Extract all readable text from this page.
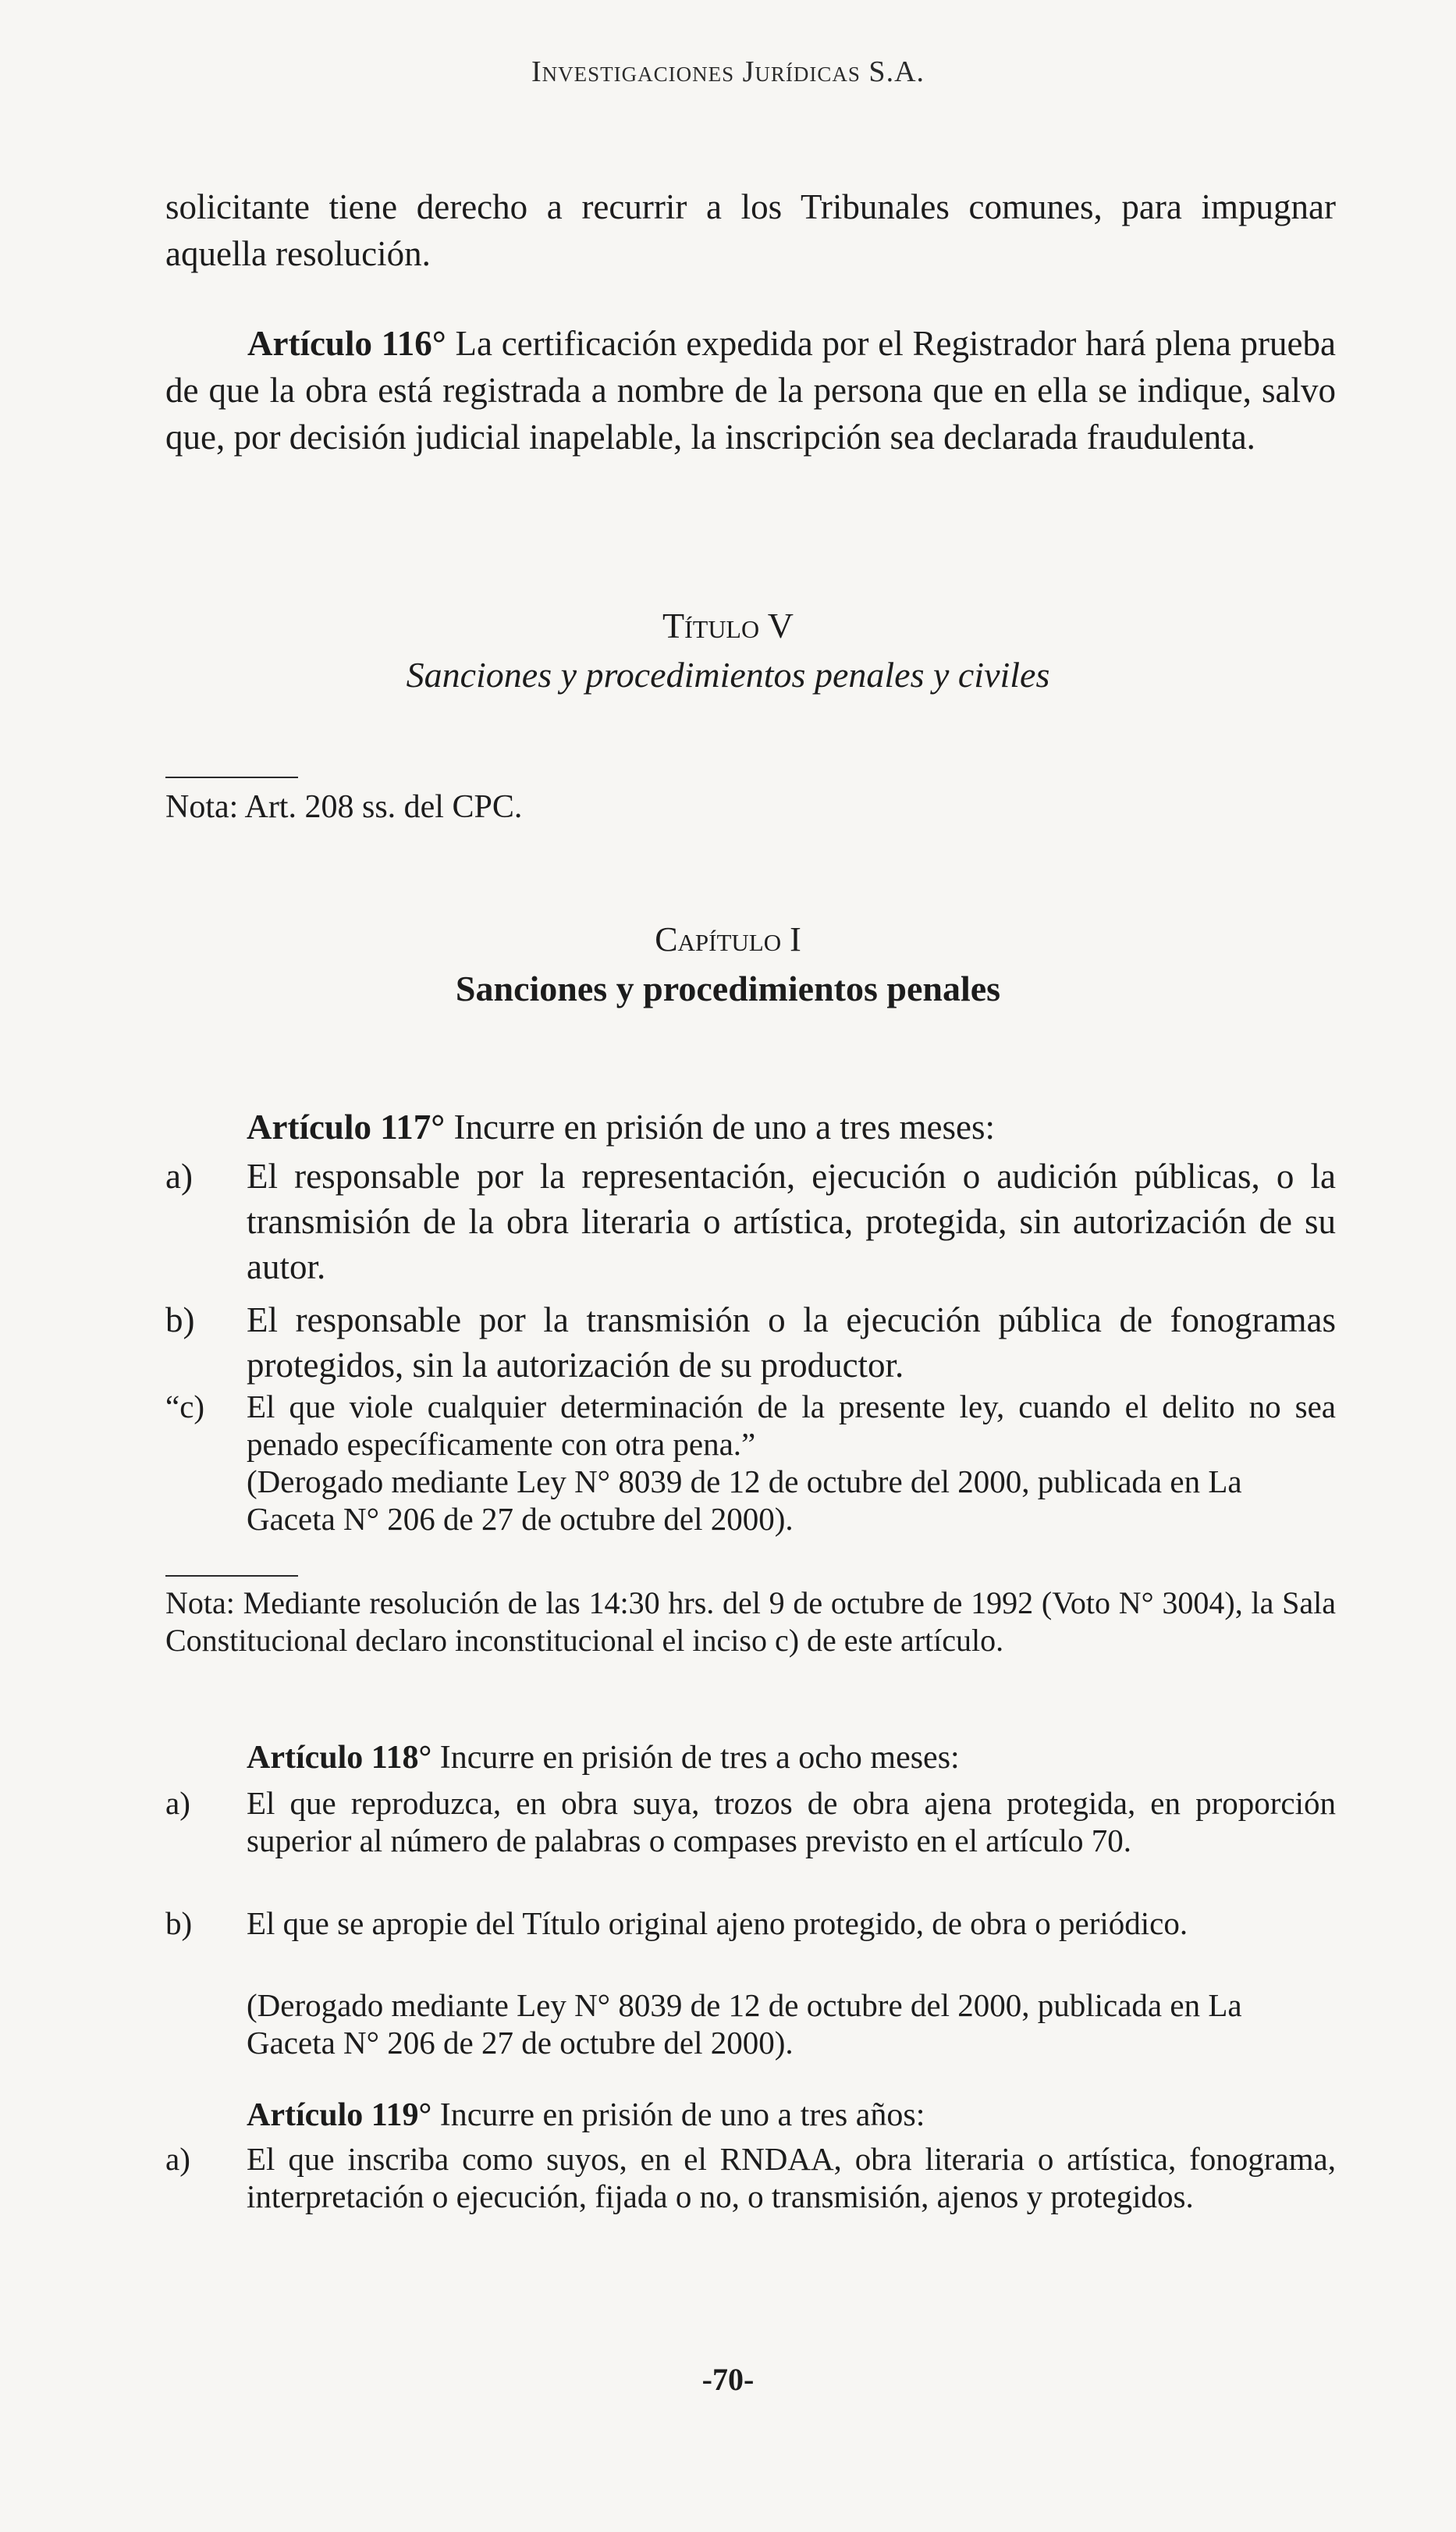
Investigaciones Jurídicas S.A.
solicitante tiene derecho a recurrir a los Tribunales comunes, para impugnar aquella resolución.
Artículo 116° La certificación expedida por el Registrador hará plena prueba de que la obra está registrada a nombre de la persona que en ella se indique, salvo que, por decisión judicial inapelable, la inscripción sea declarada fraudulenta.
Título V
Sanciones y procedimientos penales y civiles
Nota: Art. 208 ss. del CPC.
Capítulo I
Sanciones y procedimientos penales
Artículo 117° Incurre en prisión de uno a tres meses:
a) El responsable por la representación, ejecución o audición públicas, o la transmisión de la obra literaria o artística, protegida, sin autorización de su autor.
b) El responsable por la transmisión o la ejecución pública de fonogramas protegidos, sin la autorización de su productor.
“c) El que viole cualquier determinación de la presente ley, cuando el delito no sea penado específicamente con otra pena.”
(Derogado mediante Ley N° 8039 de 12 de octubre del 2000, publicada en La Gaceta N° 206 de 27 de octubre del 2000).
Nota: Mediante resolución de las 14:30 hrs. del 9 de octubre de 1992 (Voto N° 3004), la Sala Constitucional declaro inconstitucional el inciso c) de este artículo.
Artículo 118° Incurre en prisión de tres a ocho meses:
a) El que reproduzca, en obra suya, trozos de obra ajena protegida, en proporción superior al número de palabras o compases previsto en el artículo 70.
b) El que se apropie del Título original ajeno protegido, de obra o periódico.
(Derogado mediante Ley N° 8039 de 12 de octubre del 2000, publicada en La Gaceta N° 206 de 27 de octubre del 2000).
Artículo 119° Incurre en prisión de uno a tres años:
a) El que inscriba como suyos, en el RNDAA, obra literaria o artística, fonograma, interpretación o ejecución, fijada o no, o transmisión, ajenos y protegidos.
-70-
